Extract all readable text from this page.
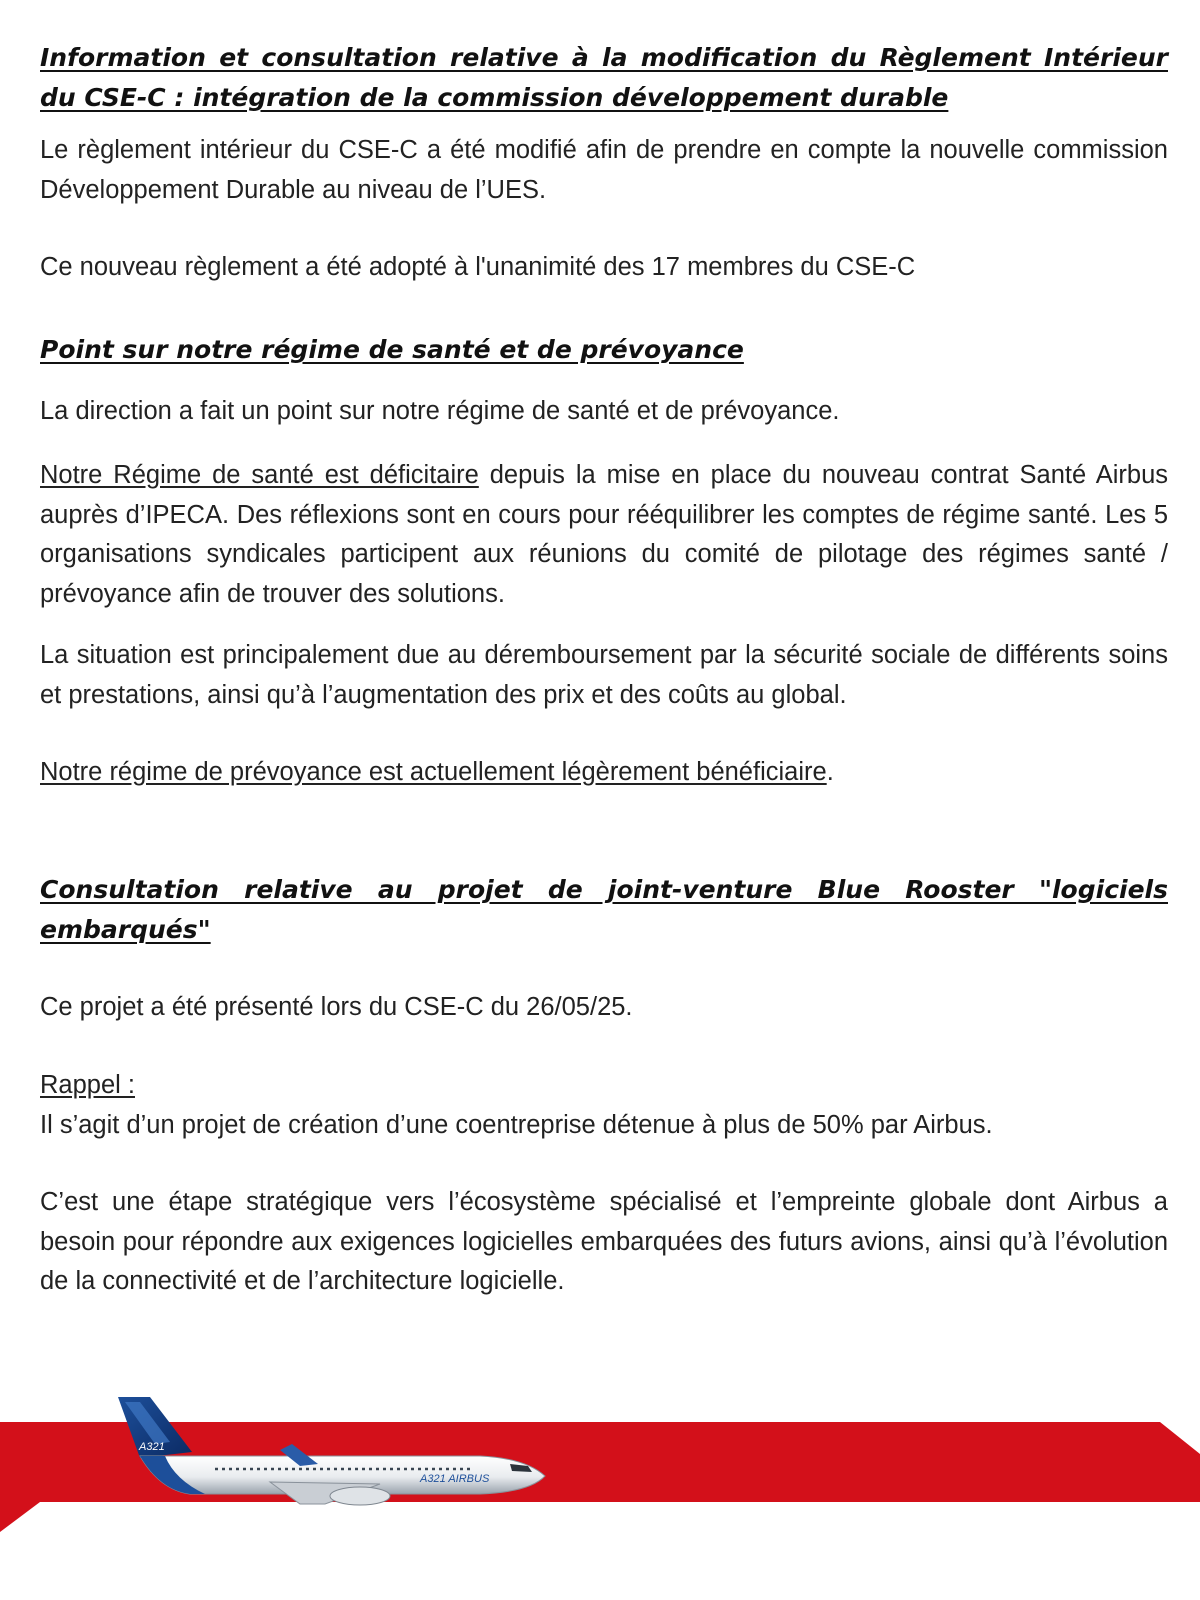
Information et consultation relative à la modification du Règlement Intérieur du CSE-C : intégration de la commission développement durable

Le règlement intérieur du CSE-C a été modifié afin de prendre en compte la nouvelle commission Développement Durable au niveau de l’UES.

Ce nouveau règlement a été adopté à l'unanimité des 17 membres du CSE-C

Point sur notre régime de santé et de prévoyance

La direction a fait un point sur notre régime de santé et de prévoyance.

Notre Régime de santé est déficitaire depuis la mise en place du nouveau contrat Santé Airbus auprès d’IPECA. Des réflexions sont en cours pour rééquilibrer les comptes de régime santé. Les 5 organisations syndicales participent aux réunions du comité de pilotage des régimes santé / prévoyance afin de trouver des solutions.

La situation est principalement due au déremboursement par la sécurité sociale de différents soins et prestations, ainsi qu’à l’augmentation des prix et des coûts au global.

Notre régime de prévoyance est actuellement légèrement bénéficiaire.

Consultation relative au projet de joint-venture Blue Rooster "logiciels embarqués"

Ce projet a été présenté lors du CSE-C du 26/05/25.

Rappel :

Il s’agit d’un projet de création d’une coentreprise détenue à plus de 50% par Airbus.

C’est une étape stratégique vers l’écosystème spécialisé et l’empreinte globale dont Airbus a besoin pour répondre aux exigences logicielles embarquées des futurs avions, ainsi qu’à l’évolution de la connectivité et de l’architecture logicielle.

A321
A321 AIRBUS
Airbus Commercial Aircraft
